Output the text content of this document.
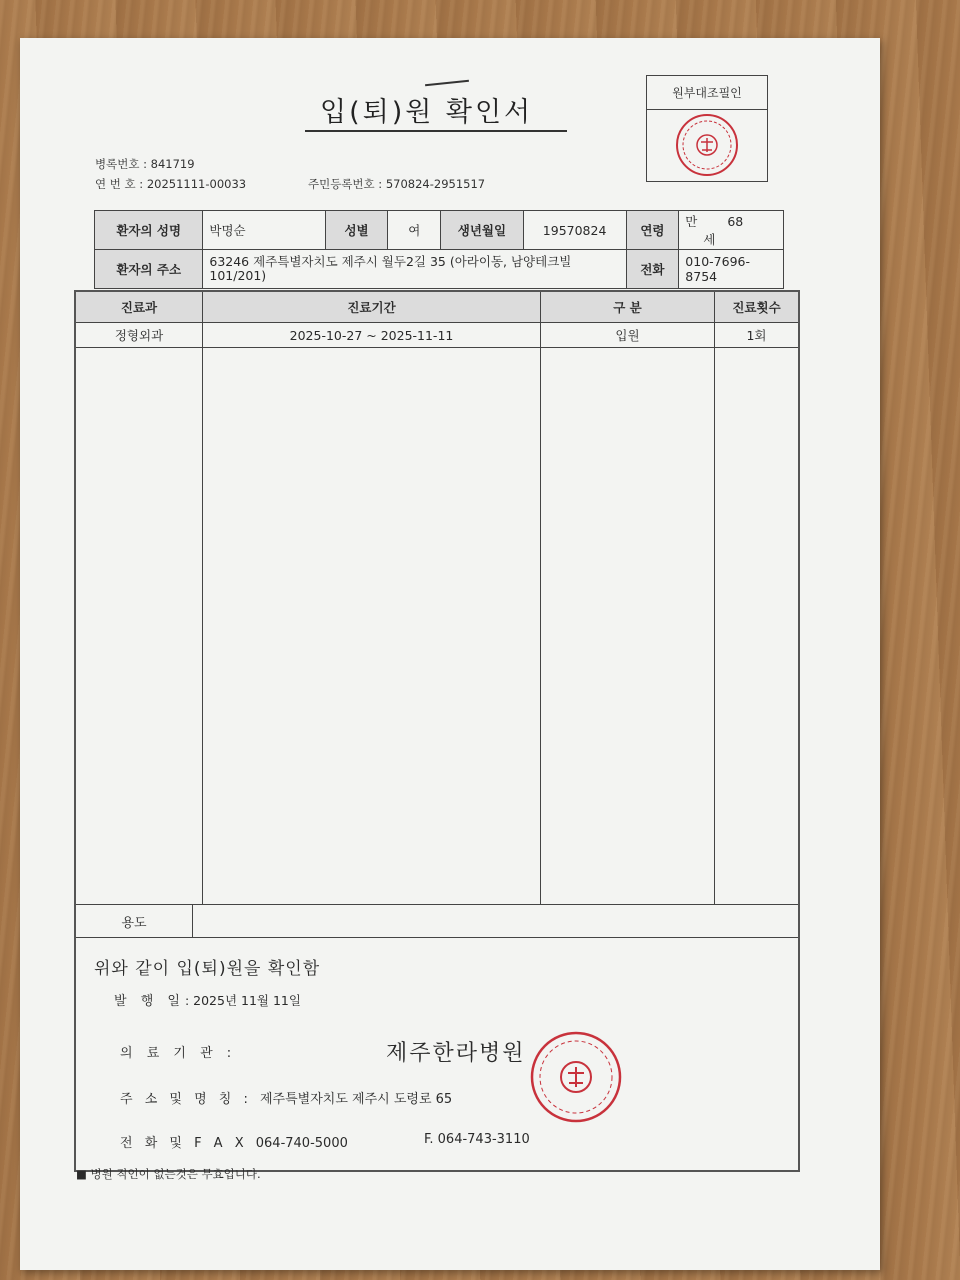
입(퇴)원 확인서
원부대조필인
병록번호 : 841719
연 번 호 : 20251111-00033	주민등록번호 : 570824-2951517
환자의 성명	박명순	성별	여	생년월일	19570824	연령	만 68 세
환자의 주소	63246 제주특별자치도 제주시 월두2길 35 (아라이동, 남양테크빌 101/201)					전화	010-7696-8754
진료과	진료기간	구 분	진료횟수
정형외과	2025-10-27 ~ 2025-11-11	입원	1회
용도
위와 같이 입(퇴)원을 확인함
발 행 일: 2025년 11월 11일
의 료 기 관 :	제주한라병원
주 소 및 명 칭 : 제주특별자치도 제주시 도령로 65
전 화 및 F A X 064-740-5000	F. 064-743-3110
■ 병원 직인이 없는것은 무효입니다.
